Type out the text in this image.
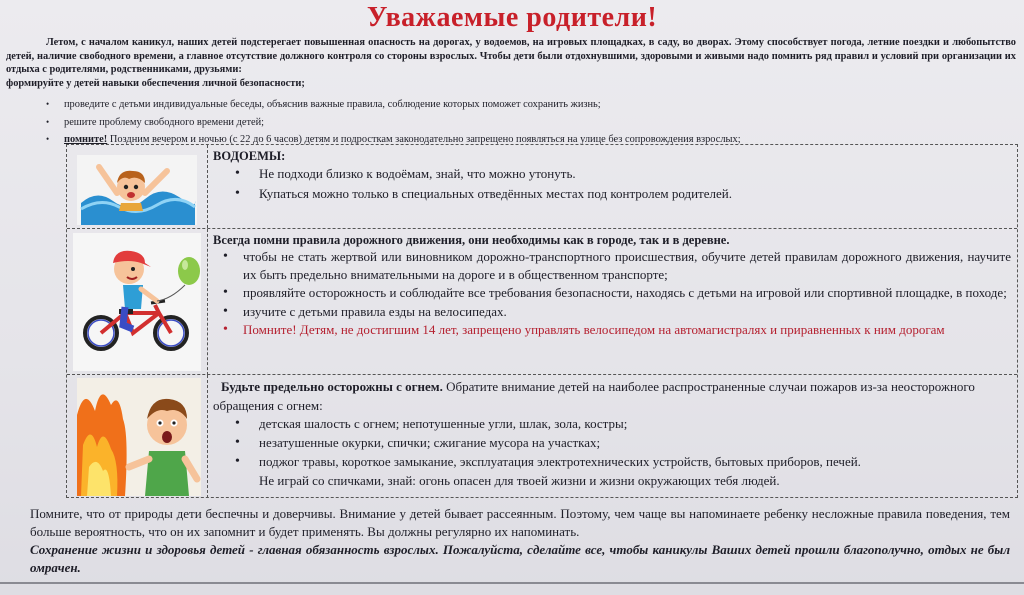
Уважаемые родители!
Летом, с началом каникул, наших детей подстерегает повышенная опасность на дорогах, у водоемов, на игровых площадках, в саду, во дворах. Этому способствует погода, летние поездки и любопытство детей, наличие свободного времени, а главное отсутствие должного контроля со стороны взрослых. Чтобы дети были отдохнувшими, здоровыми и живыми надо помнить ряд правил и условий при организации их отдыха с родителями, родственниками, друзьями:
формируйте у детей навыки обеспечения личной безопасности;
• проведите с детьми индивидуальные беседы, объяснив важные правила, соблюдение которых поможет сохранить жизнь;
• решите проблему свободного времени детей;
• помните! Поздним вечером и ночью (с 22 до 6 часов) детям и подросткам законодательно запрещено появляться на улице без сопровождения взрослых;
ВОДОЕМЫ:
• Не подходи близко к водоёмам, знай, что можно утонуть.
• Купаться можно только в специальных отведённых местах под контролем родителей.
Всегда помни правила дорожного движения, они необходимы как в городе, так и в деревне.
• чтобы не стать жертвой или виновником дорожно-транспортного происшествия, обучите детей правилам дорожного движения, научите их быть предельно внимательными на дороге и в общественном транспорте;
• проявляйте осторожность и соблюдайте все требования безопасности, находясь с детьми на игровой или спортивной площадке, в походе;
• изучите с детьми правила езды на велосипедах.
• Помните! Детям, не достигшим 14 лет, запрещено управлять велосипедом на автомагистралях и приравненных к ним дорогам
Будьте предельно осторожны с огнем. Обратите внимание детей на наиболее распространенные случаи пожаров из-за неосторожного обращения с огнем:
• детская шалость с огнем; непотушенные угли, шлак, зола, костры;
• незатушенные окурки, спички; сжигание мусора на участках;
• поджог травы, короткое замыкание, эксплуатация электротехнических устройств, бытовых приборов, печей.
Не играй со спичками, знай: огонь опасен для твоей жизни и жизни окружающих тебя людей.
Помните, что от природы дети беспечны и доверчивы. Внимание у детей бывает рассеянным. Поэтому, чем чаще вы напоминаете ребенку несложные правила поведения, тем больше вероятность, что он их запомнит и будет применять. Вы должны регулярно их напоминать.
Сохранение жизни и здоровья детей - главная обязанность взрослых. Пожалуйста, сделайте все, чтобы каникулы Ваших детей прошли благополучно, отдых не был омрачен.
